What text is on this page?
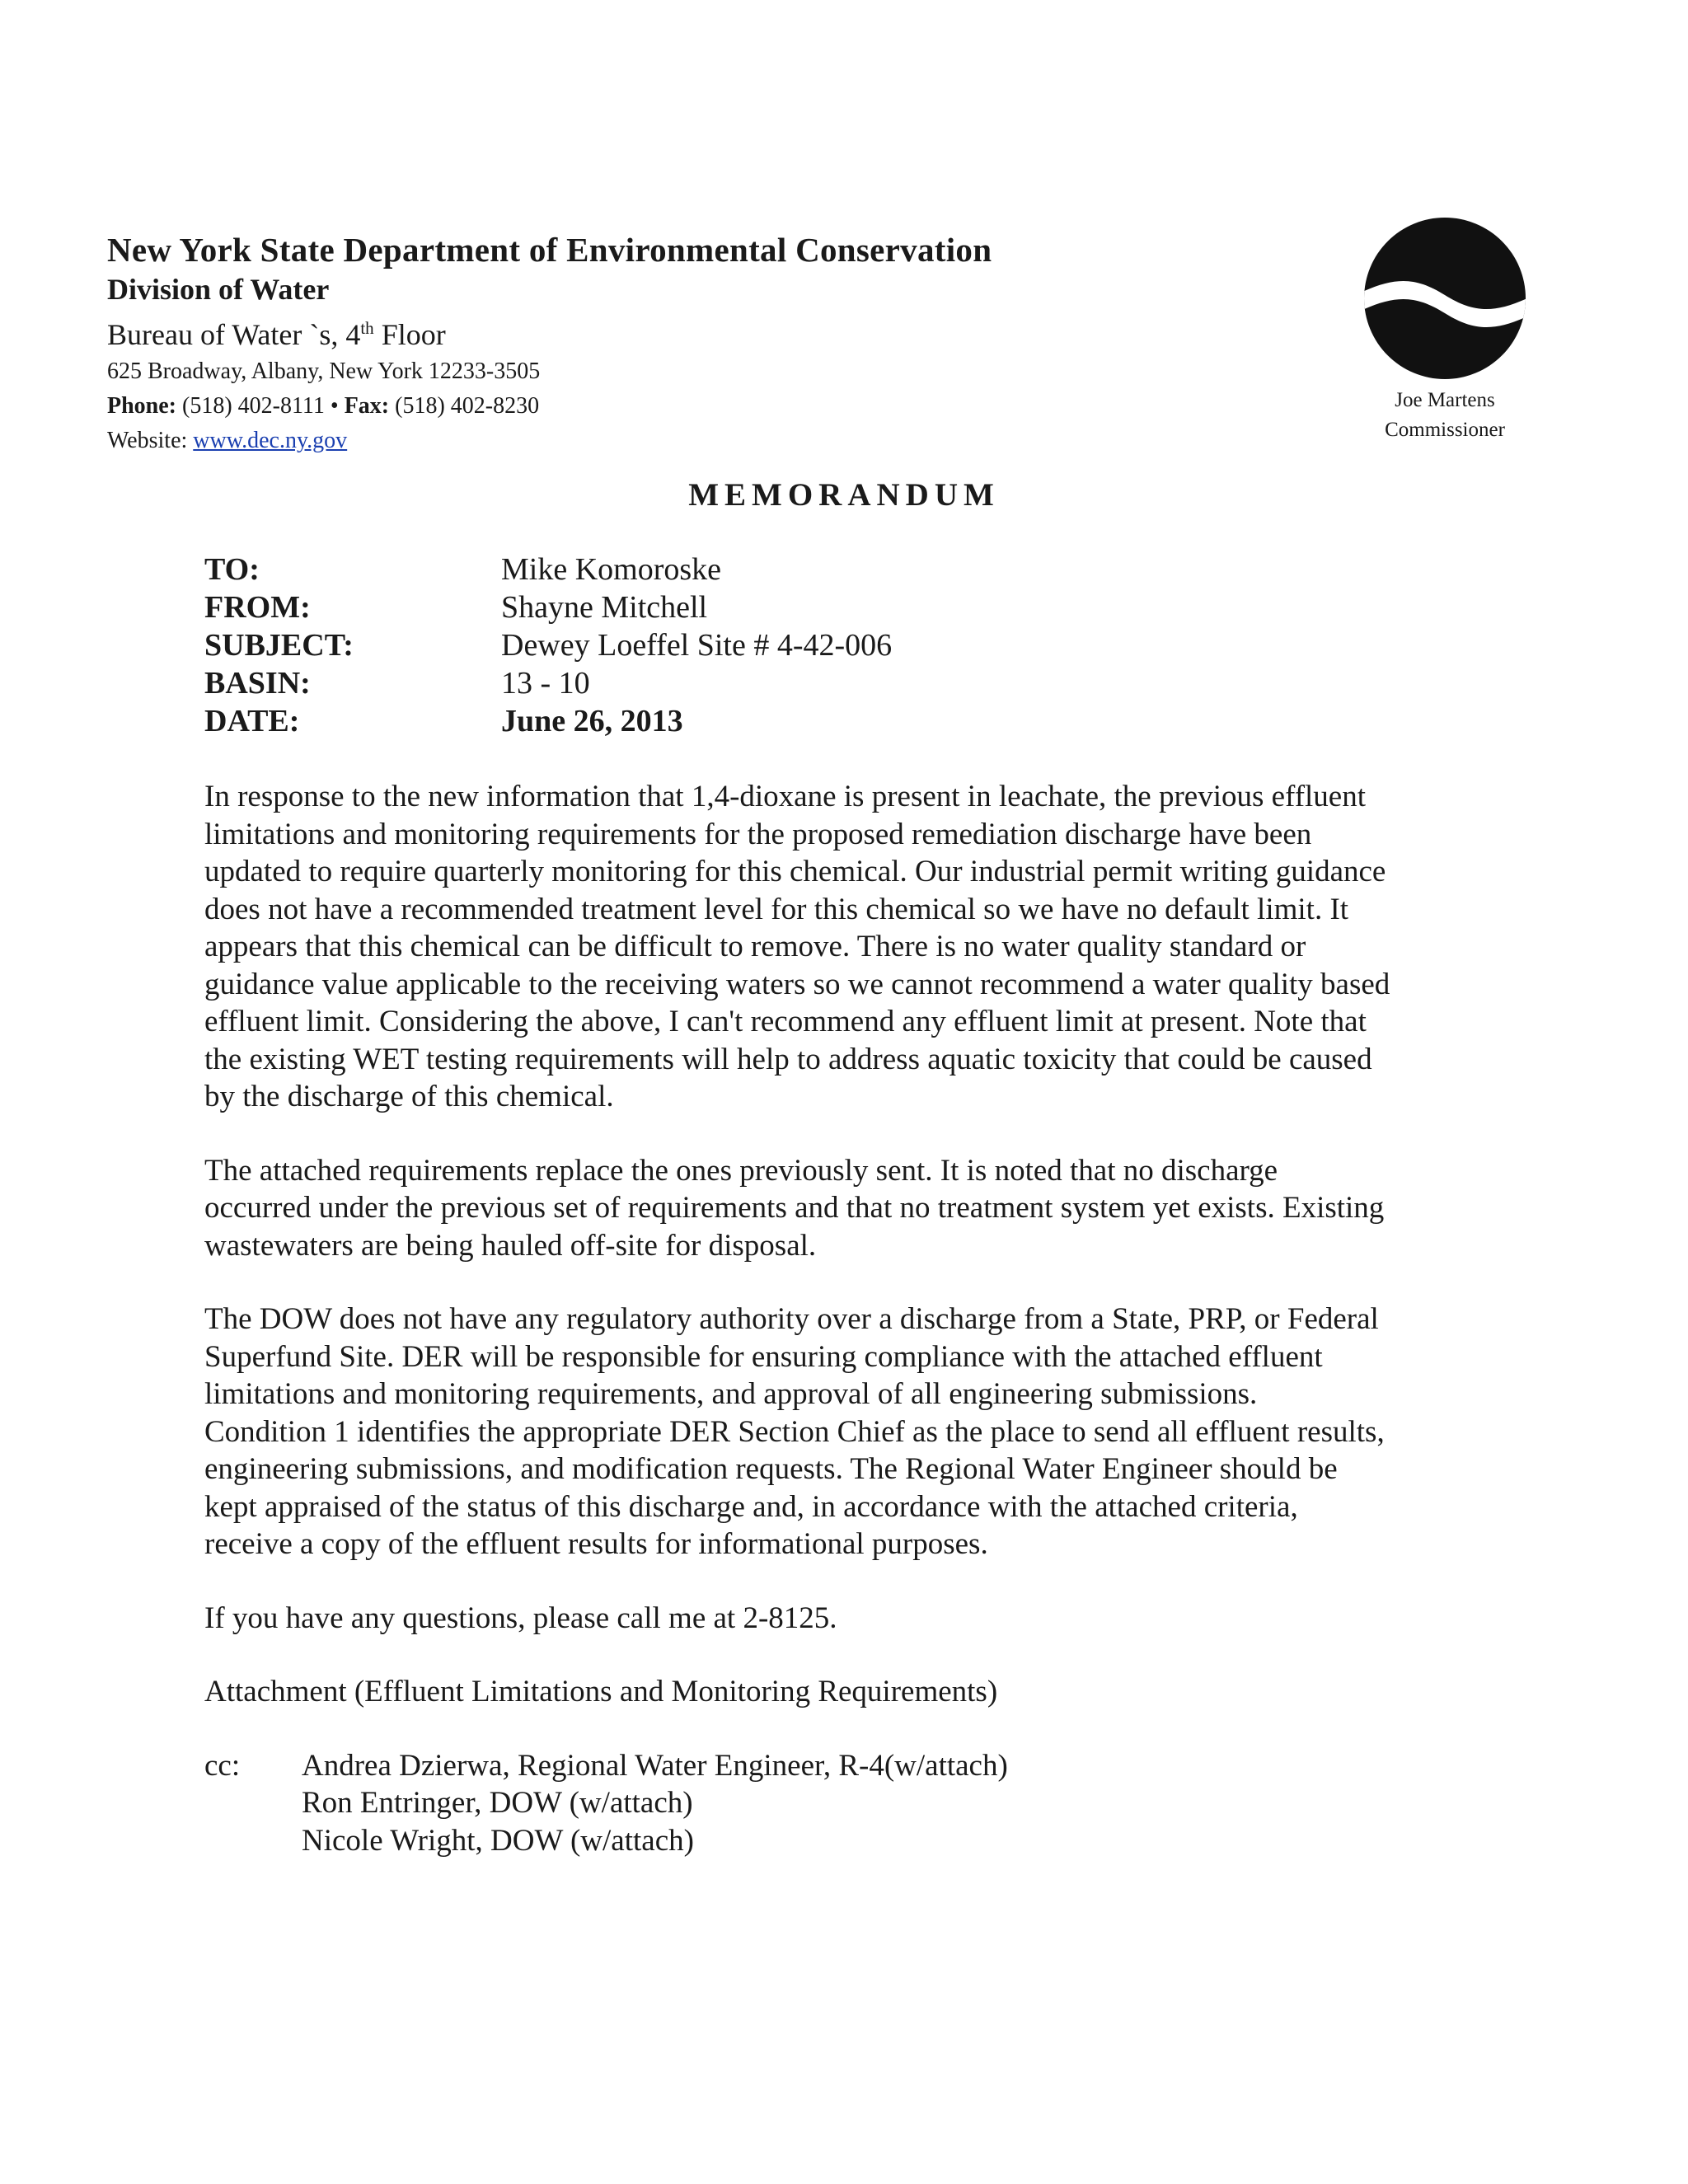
New York State Department of Environmental Conservation
Division of Water
Bureau of Water `s, 4th Floor
625 Broadway, Albany, New York 12233-3505
Phone: (518) 402-8111 • Fax: (518) 402-8230
Website: www.dec.ny.gov
Joe Martens
Commissioner
MEMORANDUM
TO:	Mike Komoroske
FROM:	Shayne Mitchell
SUBJECT:	Dewey Loeffel Site # 4-42-006
BASIN:	13 - 10
DATE:	June 26, 2013
In response to the new information that 1,4-dioxane is present in leachate, the previous effluent
limitations and monitoring requirements for the proposed remediation discharge have been
updated to require quarterly monitoring for this chemical. Our industrial permit writing guidance
does not have a recommended treatment level for this chemical so we have no default limit. It
appears that this chemical can be difficult to remove. There is no water quality standard or
guidance value applicable to the receiving waters so we cannot recommend a water quality based
effluent limit. Considering the above, I can't recommend any effluent limit at present. Note that
the existing WET testing requirements will help to address aquatic toxicity that could be caused
by the discharge of this chemical.
The attached requirements replace the ones previously sent. It is noted that no discharge
occurred under the previous set of requirements and that no treatment system yet exists. Existing
wastewaters are being hauled off-site for disposal.
The DOW does not have any regulatory authority over a discharge from a State, PRP, or Federal
Superfund Site. DER will be responsible for ensuring compliance with the attached effluent
limitations and monitoring requirements, and approval of all engineering submissions.
Condition 1 identifies the appropriate DER Section Chief as the place to send all effluent results,
engineering submissions, and modification requests. The Regional Water Engineer should be
kept appraised of the status of this discharge and, in accordance with the attached criteria,
receive a copy of the effluent results for informational purposes.
If you have any questions, please call me at 2-8125.
Attachment (Effluent Limitations and Monitoring Requirements)
cc:	Andrea Dzierwa, Regional Water Engineer, R-4(w/attach)
Ron Entringer, DOW (w/attach)
Nicole Wright, DOW (w/attach)
